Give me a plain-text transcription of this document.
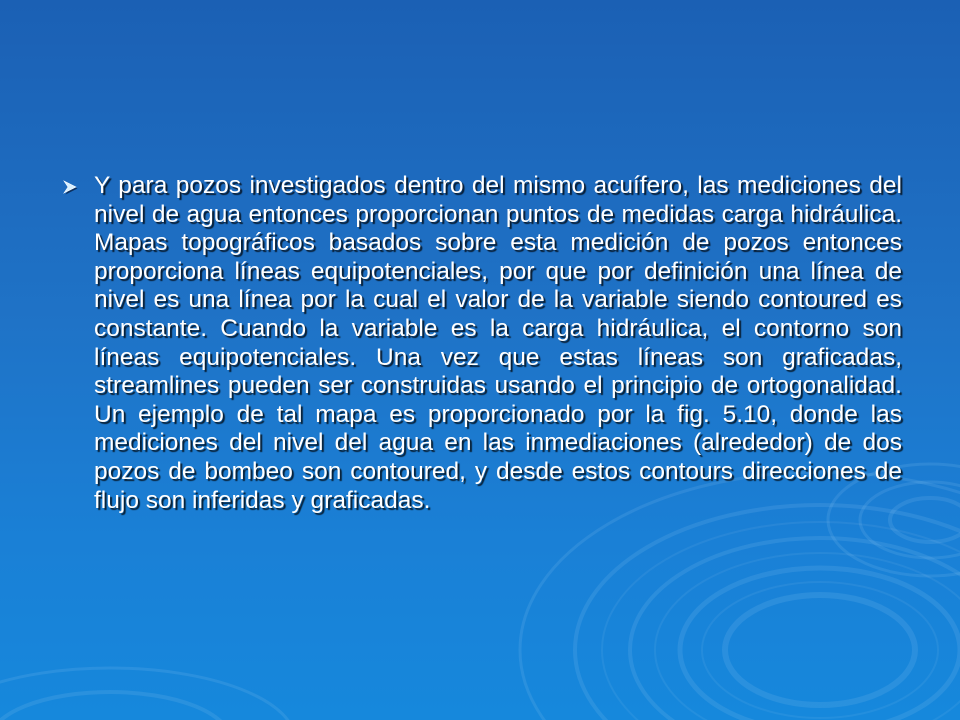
Y para pozos investigados dentro del mismo acuífero, las mediciones del nivel de agua entonces proporcionan puntos de medidas carga hidráulica. Mapas topográficos basados sobre esta medición de pozos entonces proporciona líneas equipotenciales, por que por definición una línea de nivel es una línea por la cual el valor de la variable siendo contoured es constante. Cuando la variable es la carga hidráulica, el contorno son líneas equipotenciales. Una vez que estas líneas son graficadas, streamlines pueden ser construidas usando el principio de ortogonalidad. Un ejemplo de tal mapa es proporcionado por la fig. 5.10, donde las mediciones del nivel del agua en las inmediaciones (alrededor) de dos pozos de bombeo son contoured, y desde estos contours direcciones de flujo son inferidas y graficadas.
